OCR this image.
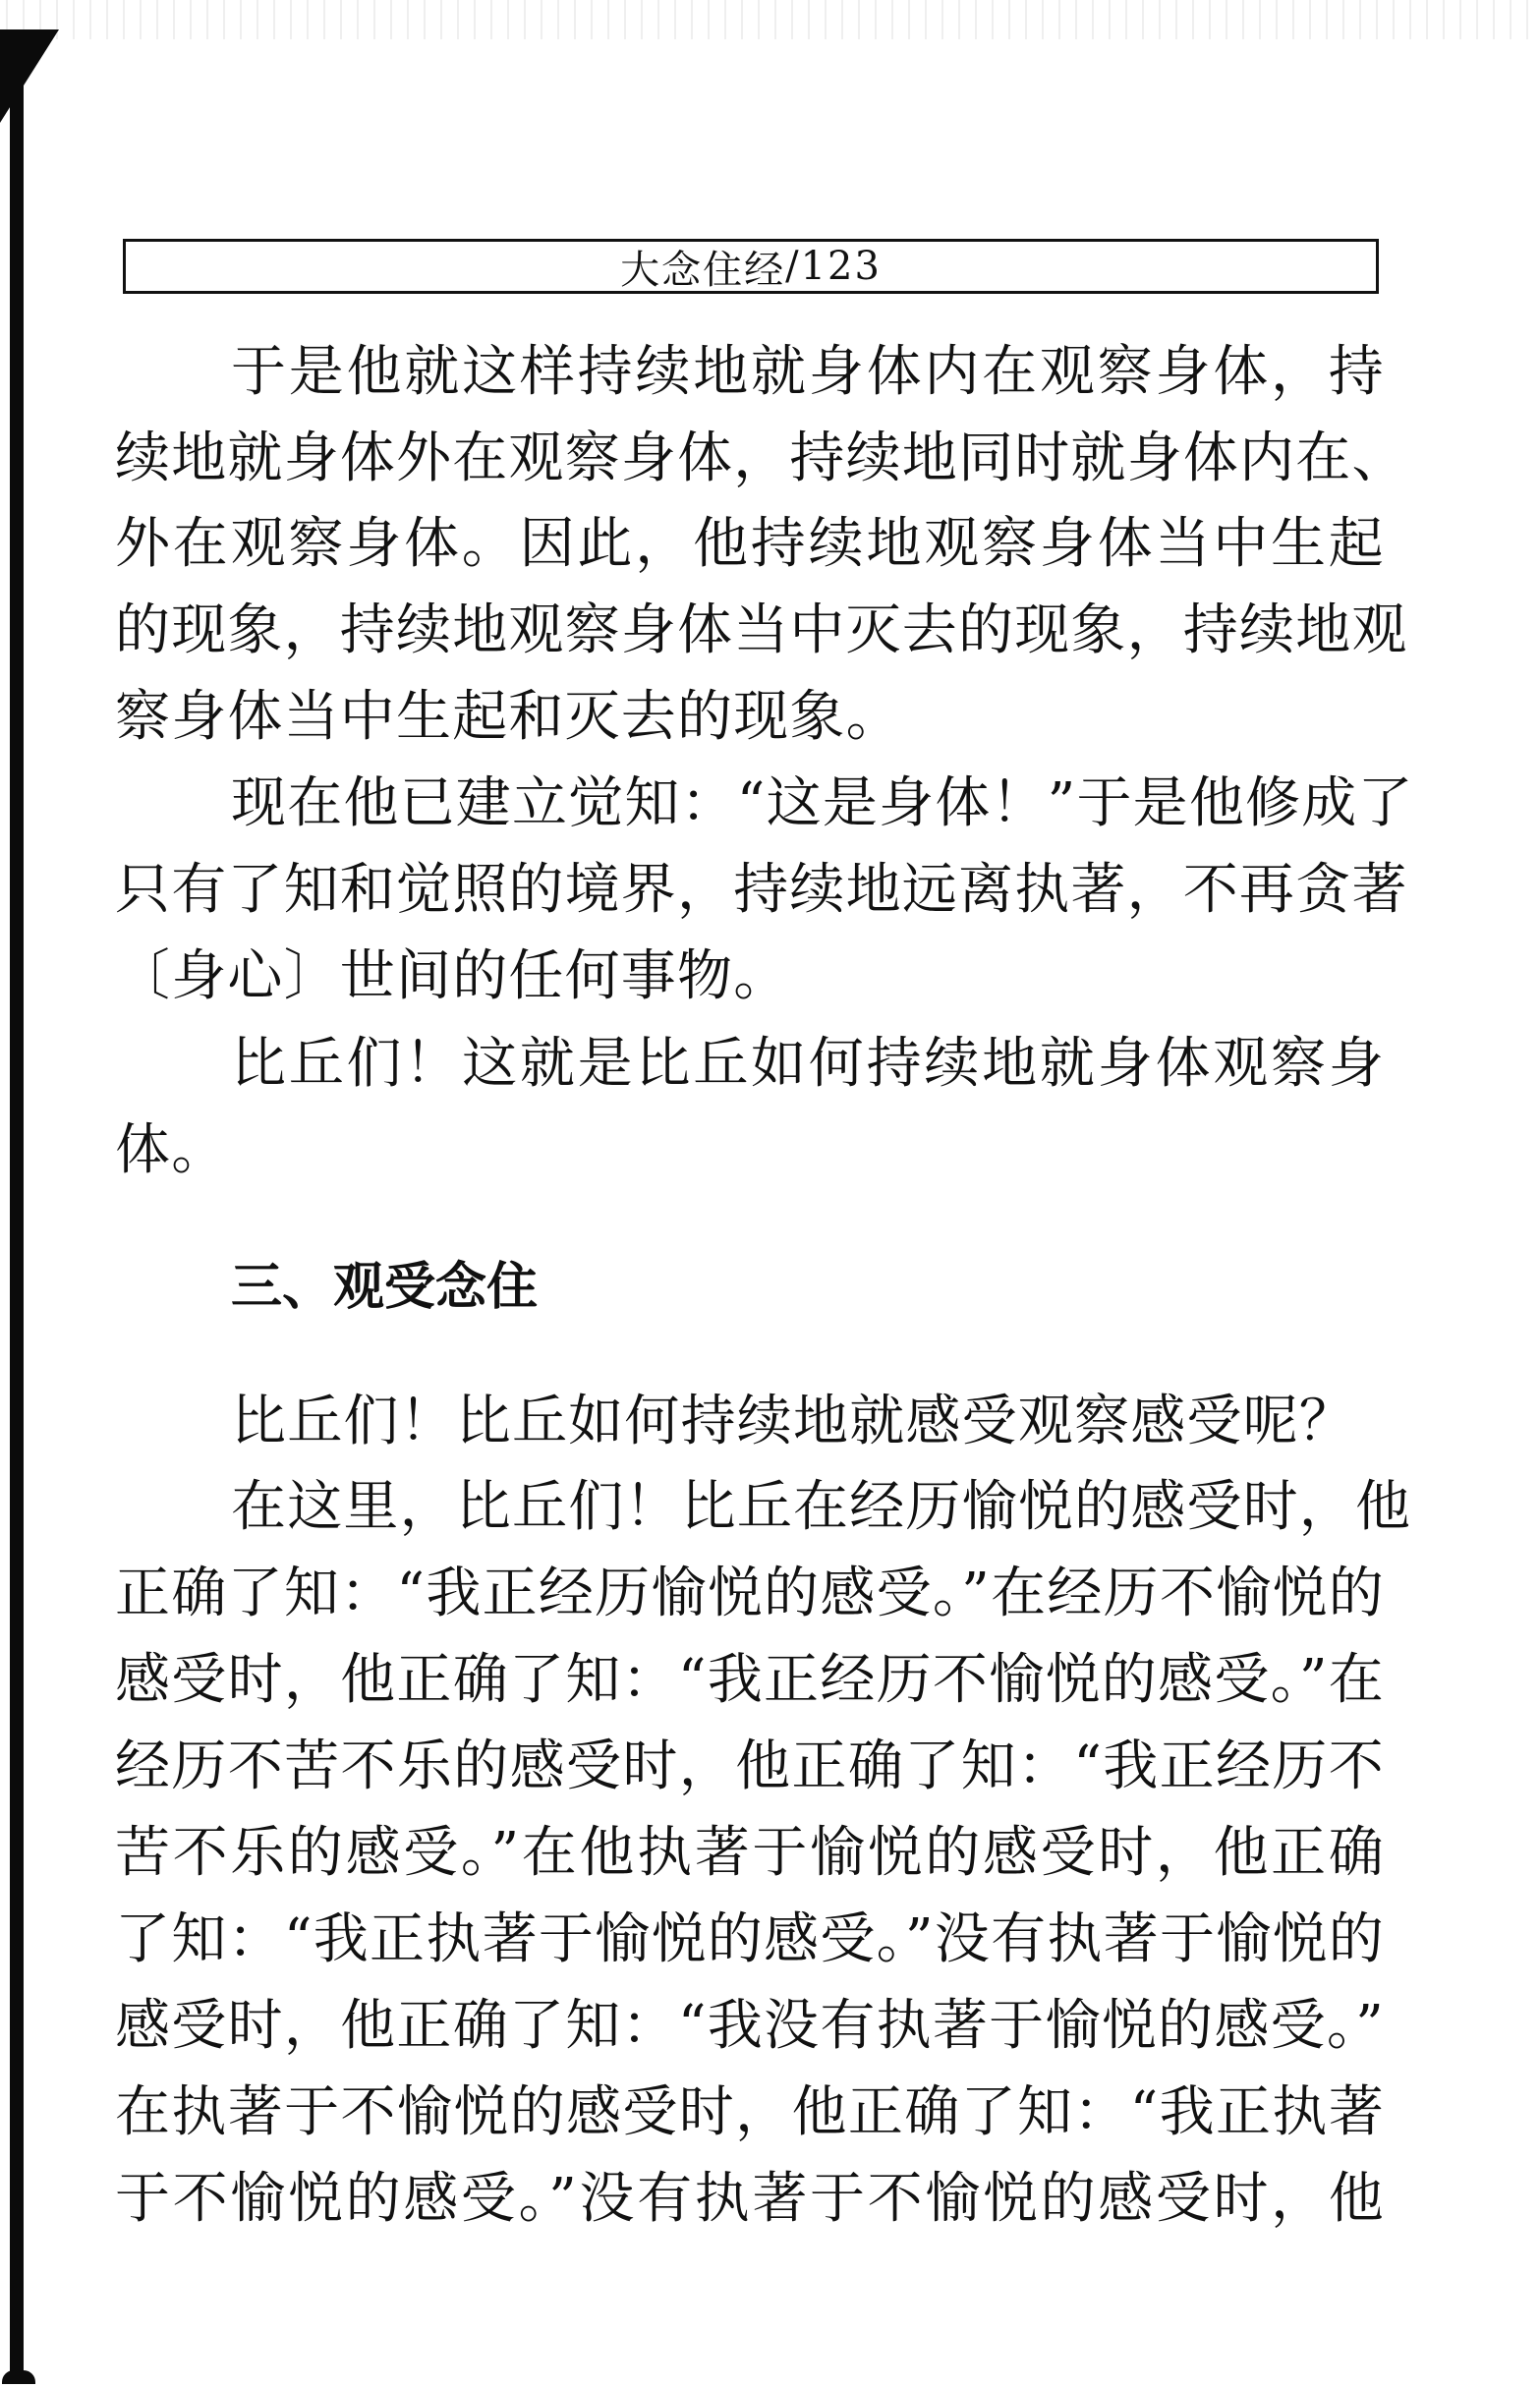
大念住经 / 123
于是他就这样持续地就身体内在观察身体，持
续地就身体外在观察身体，持续地同时就身体内在、
外在观察身体。因此，他持续地观察身体当中生起
的现象，持续地观察身体当中灭去的现象，持续地观
察身体当中生起和灭去的现象。
现在他已建立觉知：“这是身体！”于是他修成了
只有了知和觉照的境界，持续地远离执著，不再贪著
〔身心〕世间的任何事物。
比丘们！这就是比丘如何持续地就身体观察身
体。
三、观受念住
比丘们！比丘如何持续地就感受观察感受呢？
在这里，比丘们！比丘在经历愉悦的感受时，他
正确了知：“我正经历愉悦的感受。”在经历不愉悦的
感受时，他正确了知：“我正经历不愉悦的感受。”在
经历不苦不乐的感受时，他正确了知：“我正经历不
苦不乐的感受。”在他执著于愉悦的感受时，他正确
了知：“我正执著于愉悦的感受。”没有执著于愉悦的
感受时，他正确了知：“我没有执著于愉悦的感受。”
在执著于不愉悦的感受时，他正确了知：“我正执著
于不愉悦的感受。”没有执著于不愉悦的感受时，他
